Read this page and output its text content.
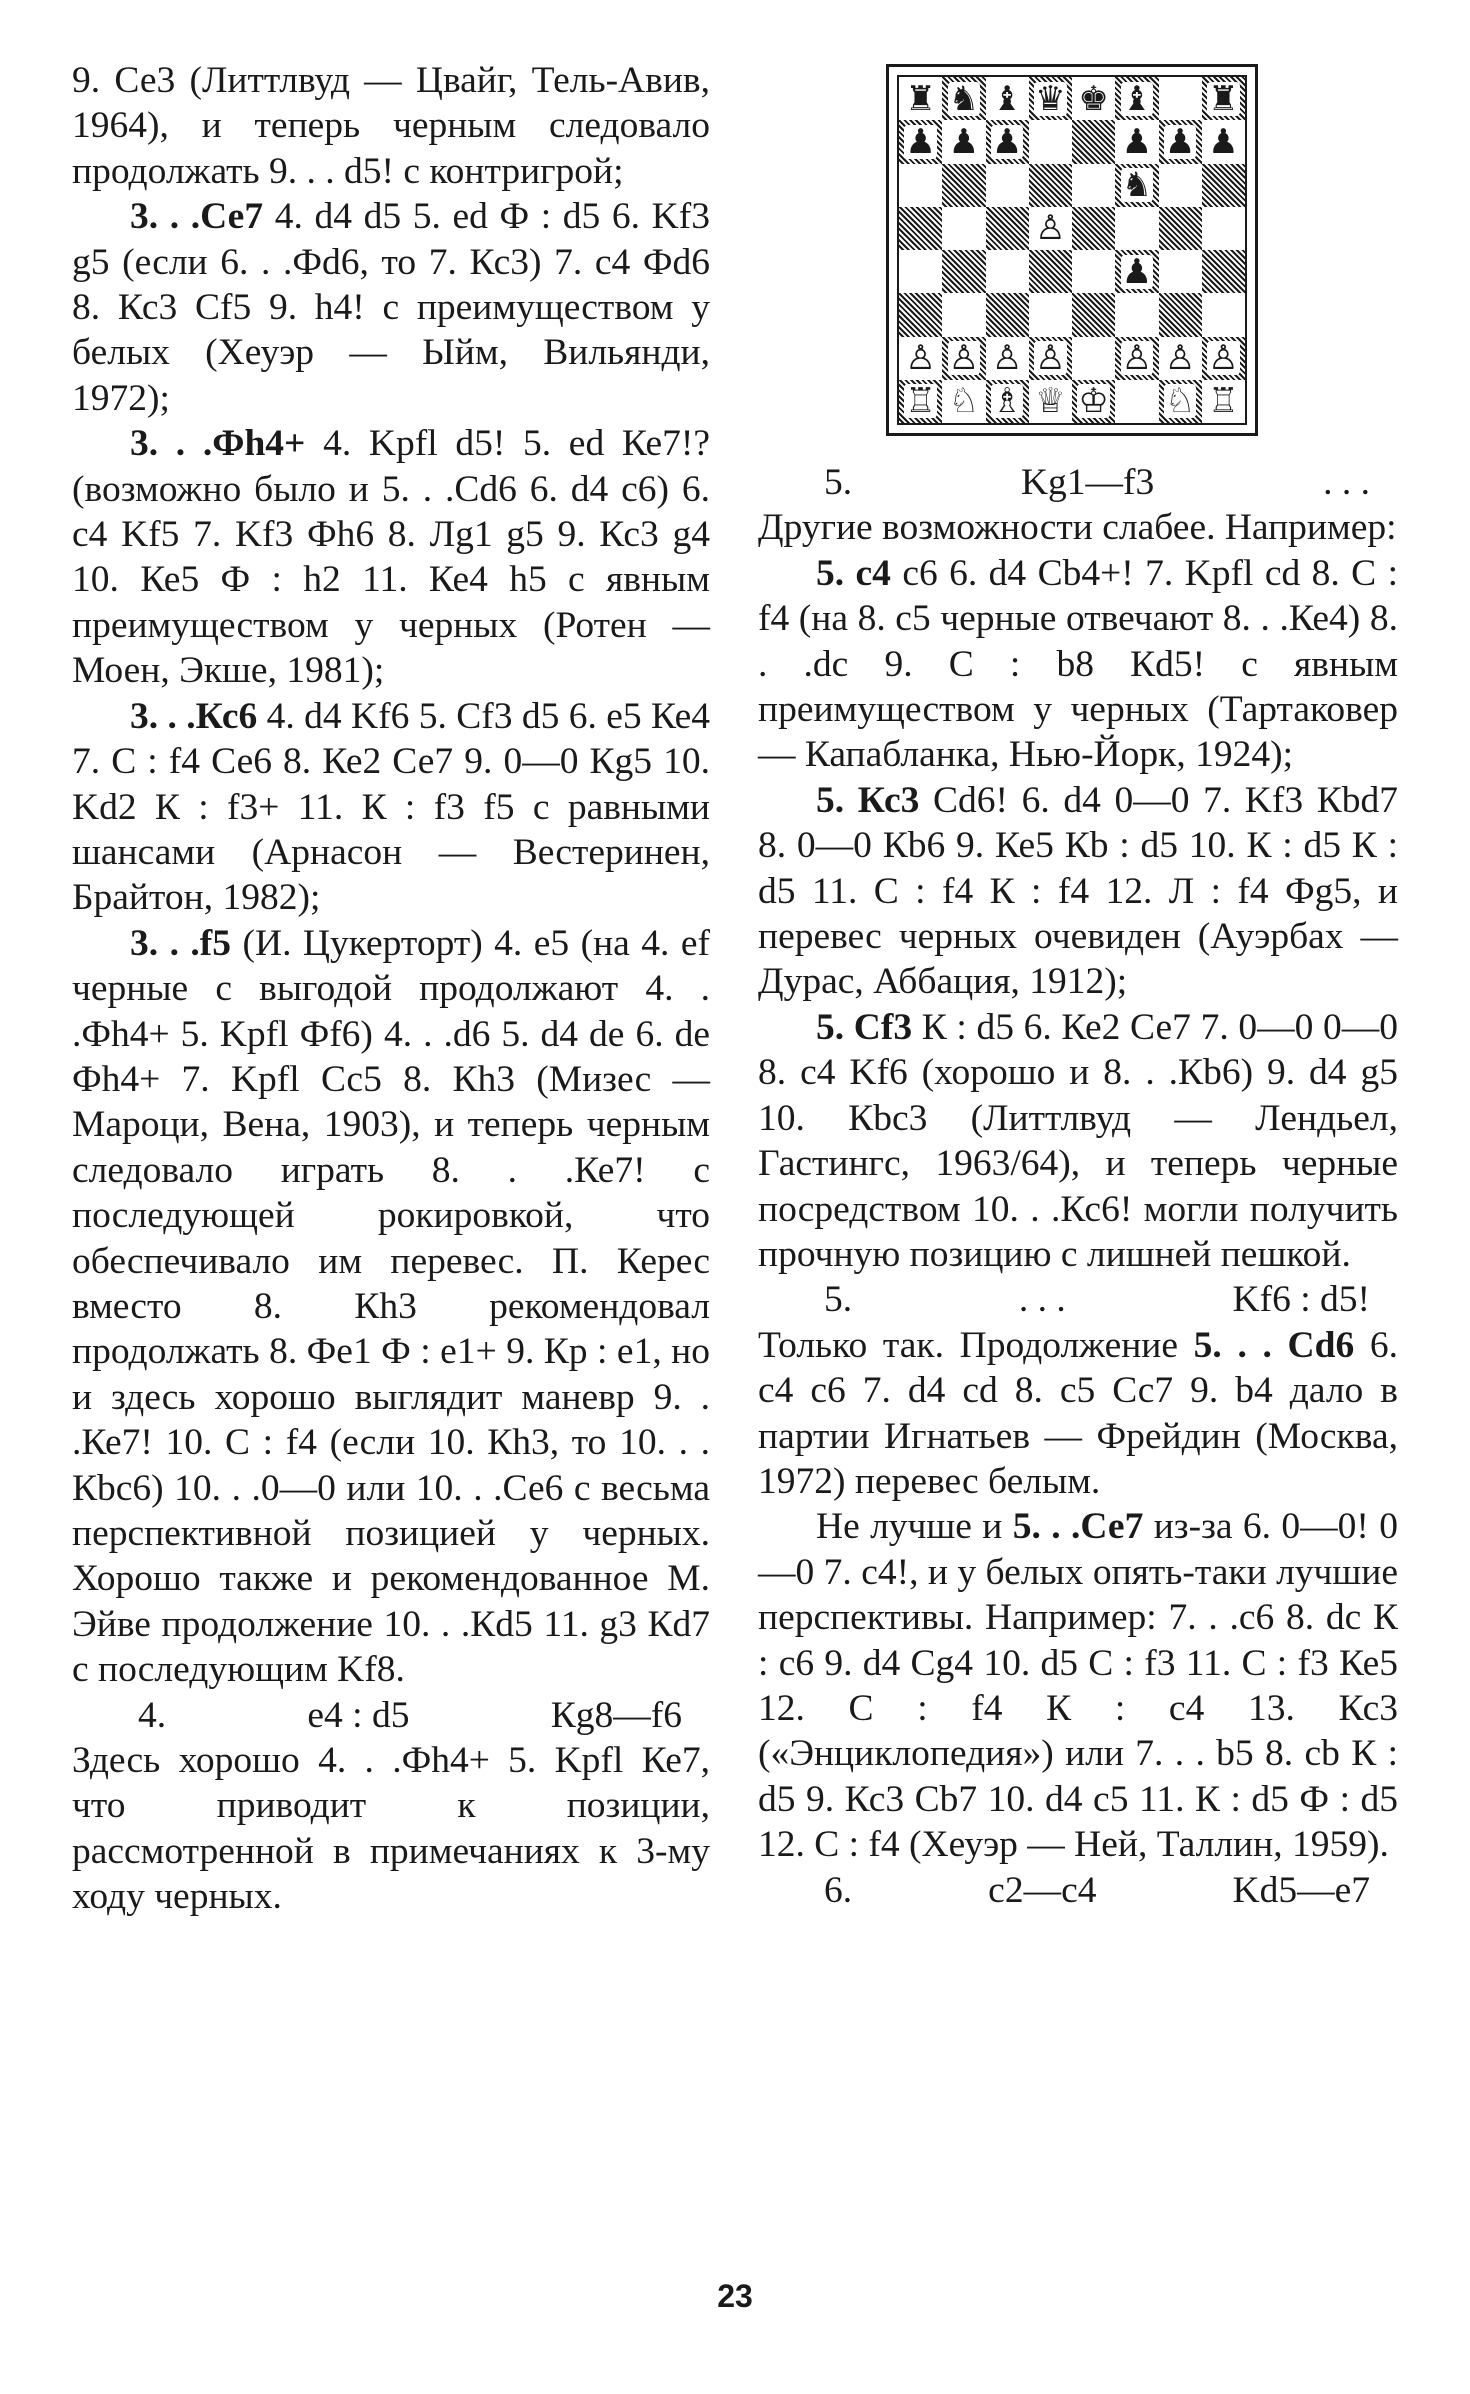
9. Се3 (Литтлвуд — Цвайг, Тель-Авив, 1964), и теперь черным следовало продолжать 9. . . d5! с контригрой;

3. . .Се7 4. d4 d5 5. ed Ф : d5 6. Kf3 g5 (если 6. . .Фd6, то 7. Кс3) 7. с4 Фd6 8. Кс3 Cf5 9. h4! с преимуществом у белых (Хеуэр — Ыйм, Вильянди, 1972);

3. . .Фh4+ 4. Kpfl d5! 5. ed Ке7!? (возможно было и 5. . .Cd6 6. d4 c6) 6. c4 Kf5 7. Kf3 Фh6 8. Лg1 g5 9. Кс3 g4 10. Ке5 Ф : h2 11. Ке4 h5 с явным преимуществом у черных (Ротен — Моен, Экше, 1981);

3. . .Кс6 4. d4 Kf6 5. Cf3 d5 6. e5 Ке4 7. С : f4 Се6 8. Ке2 Се7 9. 0—0 Кg5 10. Kd2 К : f3+ 11. К : f3 f5 с равными шансами (Арнасон — Вестеринен, Брайтон, 1982);

3. . .f5 (И. Цукерторт) 4. е5 (на 4. ef черные с выгодой продолжают 4. . .Фh4+ 5. Kpfl Фf6) 4. . .d6 5. d4 de 6. de Фh4+ 7. Kpfl Сс5 8. Кh3 (Мизес — Мароци, Вена, 1903), и теперь черным следовало играть 8. . .Ке7! с последующей рокировкой, что обеспечивало им перевес. П. Керес вместо 8. Кh3 рекомендовал продолжать 8. Фе1 Ф : е1+ 9. Кр : е1, но и здесь хорошо выглядит маневр 9. . .Ке7! 10. С : f4 (если 10. Кh3, то 10. . . Кbс6) 10. . .0—0 или 10. . .Се6 с весьма перспективной позицией у черных. Хорошо также и рекомендованное М. Эйве продолжение 10. . .Кd5 11. g3 Кd7 с последующим Kf8.

4.	e4 : d5	Кg8—f6

Здесь хорошо 4. . .Фh4+ 5. Kpfl Ке7, что приводит к позиции, рассмотренной в примечаниях к 3-му ходу черных.

♜ ♞ ♝ ♛ ♚ ♝ ♜
♟ ♟ ♟	♟ ♟ ♟
♞
♙
♟
♙ ♙ ♙ ♙ ♙ ♙ ♙
♖ ♘ ♗ ♕ ♔ ♘ ♖
5.	Kg1—f3	. . .

Другие возможности слабее. Например:

5. с4 с6 6. d4 Cb4+! 7. Kpfl cd 8. С : f4 (на 8. с5 черные отвечают 8. . .Ке4) 8. . .dc 9. С : b8 Кd5! с явным преимуществом у черных (Тартаковер — Капабланка, Нью-Йорк, 1924);

5. Кс3 Cd6! 6. d4 0—0 7. Kf3 Кbd7 8. 0—0 Кb6 9. Ке5 Кb : d5 10. К : d5 К : d5 11. С : f4 К : f4 12. Л : f4 Фg5, и перевес черных очевиден (Ауэрбах — Дурас, Аббация, 1912);

5. Cf3 К : d5 6. Ке2 Се7 7. 0—0 0—0 8. с4 Kf6 (хорошо и 8. . .Кb6) 9. d4 g5 10. Кbс3 (Литтлвуд — Лендьел, Гастингс, 1963/64), и теперь черные посредством 10. . .Кс6! могли получить прочную позицию с лишней пешкой.

5.	. . .	Kf6 : d5!

Только так. Продолжение 5. . . Cd6 6. с4 с6 7. d4 cd 8. с5 Сс7 9. b4 дало в партии Игнатьев — Фрейдин (Москва, 1972) перевес белым.

Не лучше и 5. . .Се7 из-за 6. 0—0! 0—0 7. с4!, и у белых опять-таки лучшие перспективы. Например: 7. . .с6 8. dc К : с6 9. d4 Cg4 10. d5 С : f3 11. С : f3 Ке5 12. С : f4 К : с4 13. Кс3 («Энциклопедия») или 7. . . b5 8. cb К : d5 9. Кс3 Cb7 10. d4 с5 11. К : d5 Ф : d5 12. С : f4 (Хеуэр — Ней, Таллин, 1959).

6.	с2—с4	Kd5—e7
23
